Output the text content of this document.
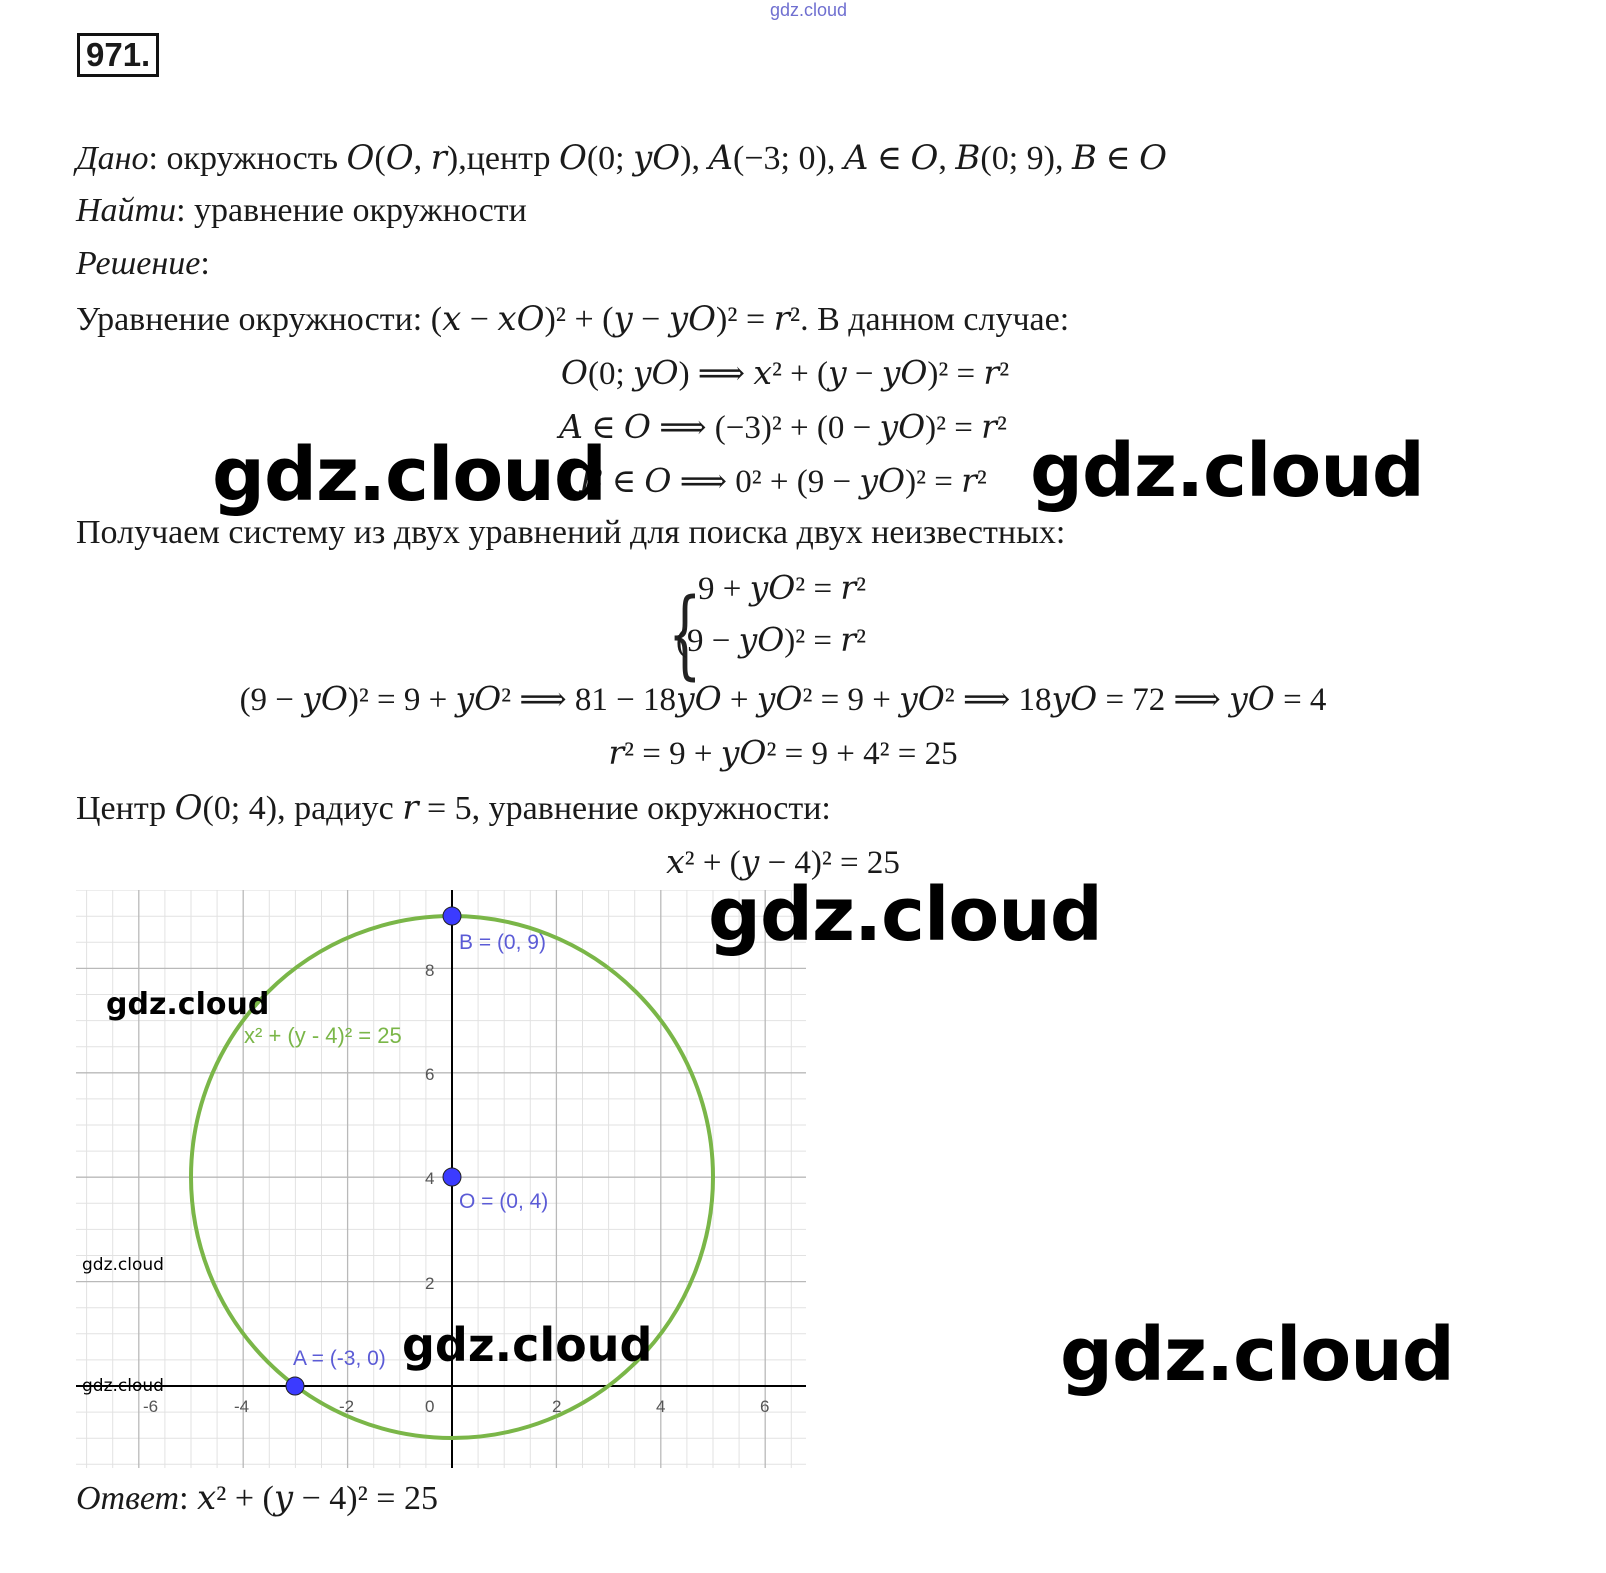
gdz.cloud
971.
Дано: окружность 𝑂(𝑂, 𝑟),центр 𝑂(0; 𝑦𝑂), 𝐴(−3; 0), 𝐴 ∈ 𝑂, 𝐵(0; 9), 𝐵 ∈ 𝑂
Найти: уравнение окружности
Решение:
Уравнение окружности: (𝑥 − 𝑥𝑂)² + (𝑦 − 𝑦𝑂)² = 𝑟². В данном случае:
𝑂(0; 𝑦𝑂) ⟹ 𝑥² + (𝑦 − 𝑦𝑂)² = 𝑟²
𝐴 ∈ 𝑂 ⟹ (−3)² + (0 − 𝑦𝑂)² = 𝑟²
𝐵 ∈ 𝑂 ⟹ 0² + (9 − 𝑦𝑂)² = 𝑟²
Получаем систему из двух уравнений для поиска двух неизвестных:
{
9 + 𝑦𝑂² = 𝑟²
(9 − 𝑦𝑂)² = 𝑟²
(9 − 𝑦𝑂)² = 9 + 𝑦𝑂² ⟹ 81 − 18𝑦𝑂 + 𝑦𝑂² = 9 + 𝑦𝑂² ⟹ 18𝑦𝑂 = 72 ⟹ 𝑦𝑂 = 4
𝑟² = 9 + 𝑦𝑂² = 9 + 4² = 25
Центр 𝑂(0; 4), радиус 𝑟 = 5, уравнение окружности:
𝑥² + (𝑦 − 4)² = 25
-6	-4	-2	0	2	4	6
2
4
6
8
x² + (y - 4)² = 25
B = (0, 9)
O = (0, 4)
A = (-3, 0)
Ответ: 𝑥² + (𝑦 − 4)² = 25
gdz.cloud	gdz.cloud
gdz.cloud
gdz.cloud
gdz.cloud
gdz.cloud
gdz.cloud	gdz.cloud
